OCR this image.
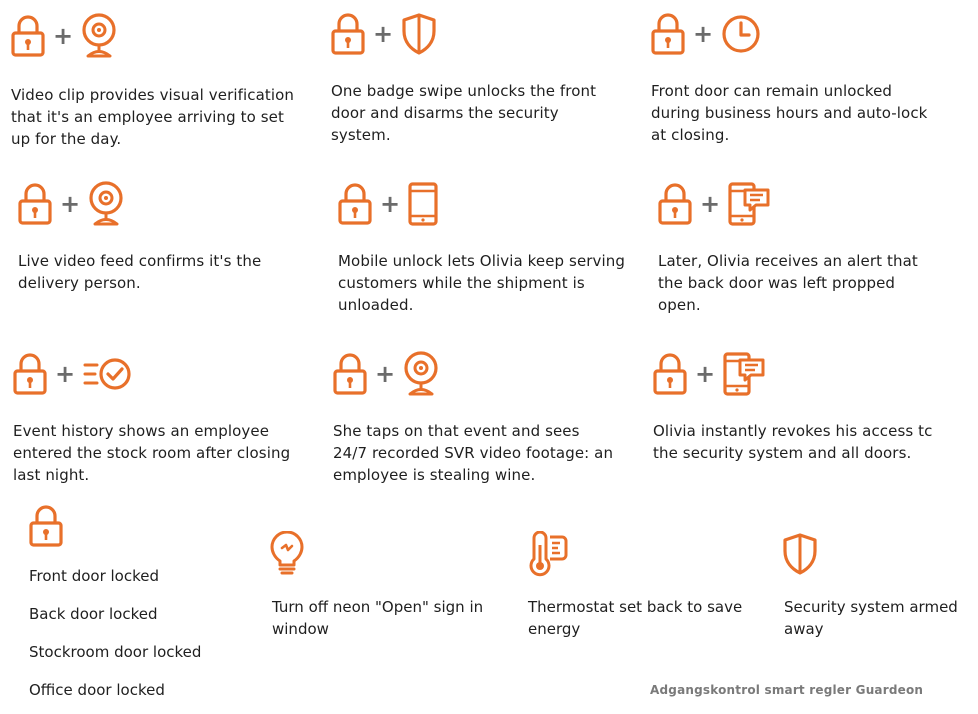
+
Video clip provides visual verification
that it's an employee arriving to set
up for the day.
+
One badge swipe unlocks the front
door and disarms the security
system.
+
Front door can remain unlocked
during business hours and auto-lock
at closing.
+
Live video feed confirms it's the
delivery person.
+
Mobile unlock lets Olivia keep serving
customers while the shipment is
unloaded.
+
Later, Olivia receives an alert that
the back door was left propped
open.
+
Event history shows an employee
entered the stock room after closing
last night.
+
She taps on that event and sees
24/7 recorded SVR video footage: an
employee is stealing wine.
+
Olivia instantly revokes his access tc
the security system and all doors.
Front door locked
Back door locked
Stockroom door locked
Office door locked
Turn off neon "Open" sign in
window
Thermostat set back to save
energy
Security system armed
away
Adgangskontrol smart regler Guardeon
